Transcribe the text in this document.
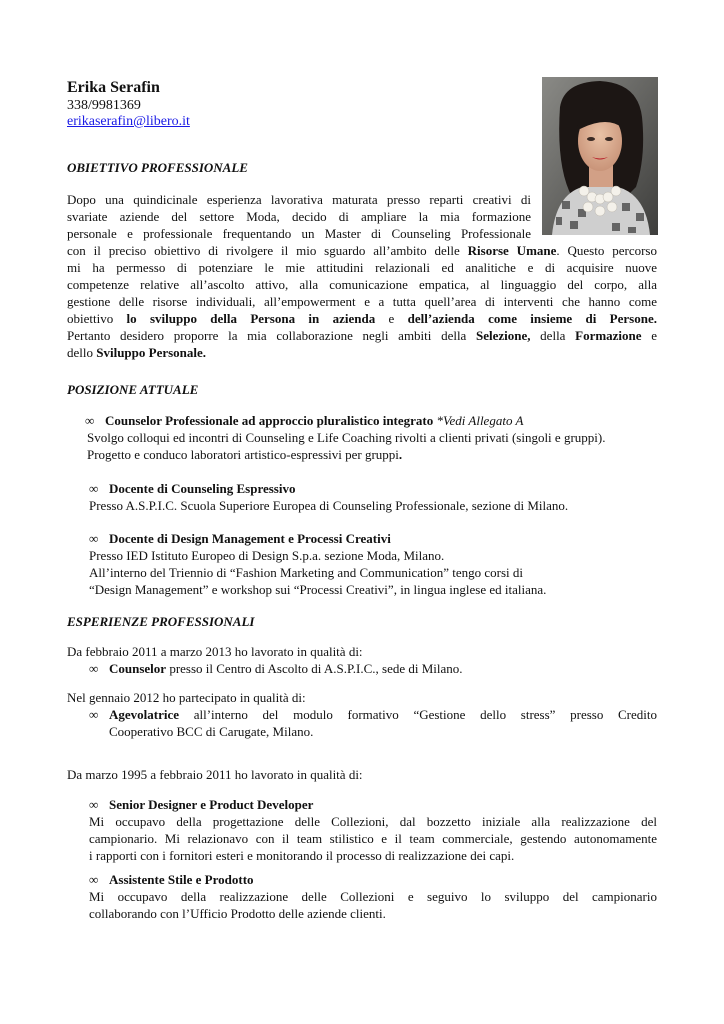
Erika Serafin
338/9981369
erikaserafin@libero.it
OBIETTIVO PROFESSIONALE
Dopo una quindicinale esperienza lavorativa maturata presso reparti creativi di
svariate aziende del settore Moda, decido di ampliare la mia formazione
personale e professionale frequentando un Master di Counseling Professionale
con il preciso obiettivo di rivolgere il mio sguardo all’ambito delle Risorse Umane. Questo percorso
mi ha permesso di potenziare le mie attitudini relazionali ed analitiche e di acquisire nuove
competenze relative all’ascolto attivo, alla comunicazione empatica, al linguaggio del corpo, alla
gestione delle risorse individuali, all’empowerment e a tutta quell’area di interventi che hanno come
obiettivo lo sviluppo della Persona in azienda e dell’azienda come insieme di Persone.
Pertanto desidero proporre la mia collaborazione negli ambiti della Selezione, della Formazione e
dello Sviluppo Personale.
POSIZIONE ATTUALE
∞ Counselor Professionale ad approccio pluralistico integrato *Vedi Allegato A
Svolgo colloqui ed incontri di Counseling e Life Coaching rivolti a clienti privati (singoli e gruppi).
Progetto e conduco laboratori artistico-espressivi per gruppi.
∞ Docente di Counseling Espressivo
Presso A.S.P.I.C. Scuola Superiore Europea di Counseling Professionale, sezione di Milano.
∞ Docente di Design Management e Processi Creativi
Presso IED Istituto Europeo di Design S.p.a. sezione Moda, Milano.
All’interno del Triennio di “Fashion Marketing and Communication” tengo corsi di
“Design Management” e workshop sui “Processi Creativi”, in lingua inglese ed italiana.
ESPERIENZE PROFESSIONALI
Da febbraio 2011 a marzo 2013 ho lavorato in qualità di:
∞ Counselor presso il Centro di Ascolto di A.S.P.I.C., sede di Milano.
Nel gennaio 2012 ho partecipato in qualità di:
∞ Agevolatrice all’interno del modulo formativo “Gestione dello stress” presso Credito
Cooperativo BCC di Carugate, Milano.
Da marzo 1995 a febbraio 2011 ho lavorato in qualità di:
∞ Senior Designer e Product Developer
Mi occupavo della progettazione delle Collezioni, dal bozzetto iniziale alla realizzazione del
campionario. Mi relazionavo con il team stilistico e il team commerciale, gestendo autonomamente
i rapporti con i fornitori esteri e monitorando il processo di realizzazione dei capi.
∞ Assistente Stile e Prodotto
Mi occupavo della realizzazione delle Collezioni e seguivo lo sviluppo del campionario
collaborando con l’Ufficio Prodotto delle aziende clienti.
